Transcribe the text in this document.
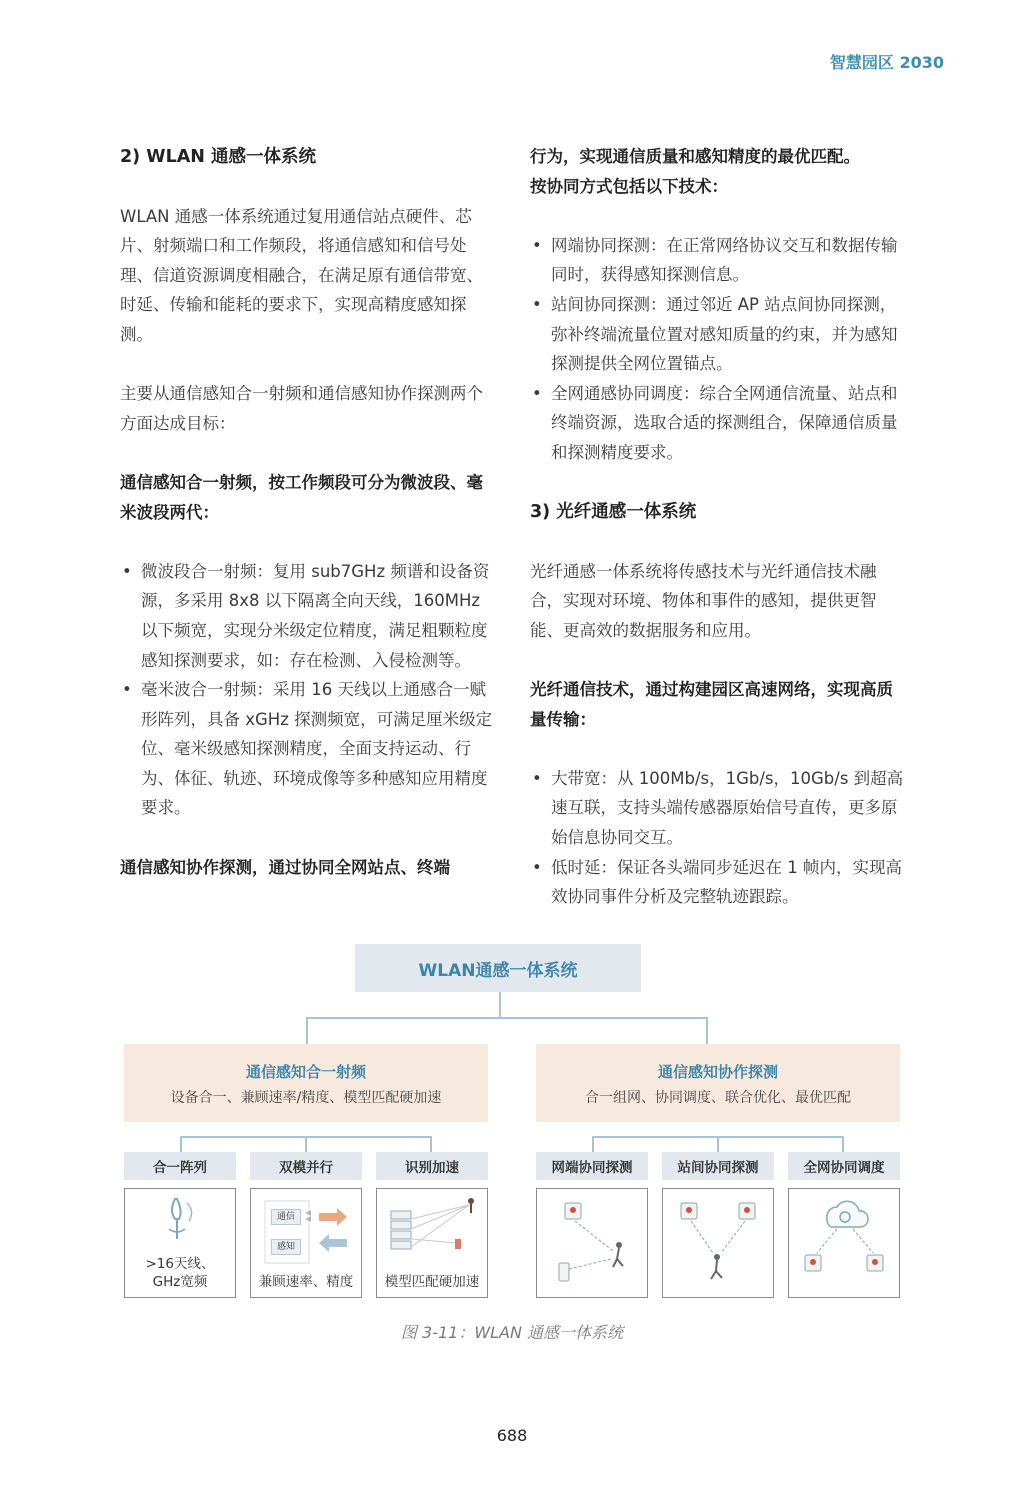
智慧园区 2030
2) WLAN 通感一体系统
WLAN 通感一体系统通过复用通信站点硬件、芯片、射频端口和工作频段，将通信感知和信号处理、信道资源调度相融合，在满足原有通信带宽、时延、传输和能耗的要求下，实现高精度感知探测。
主要从通信感知合一射频和通信感知协作探测两个方面达成目标：
通信感知合一射频，按工作频段可分为微波段、毫米波段两代：
• 微波段合一射频：复用 sub7GHz 频谱和设备资源，多采用 8x8 以下隔离全向天线，160MHz 以下频宽，实现分米级定位精度，满足粗颗粒度感知探测要求，如：存在检测、入侵检测等。
• 毫米波合一射频：采用 16 天线以上通感合一赋形阵列，具备 xGHz 探测频宽，可满足厘米级定位、毫米级感知探测精度，全面支持运动、行为、体征、轨迹、环境成像等多种感知应用精度要求。
通信感知协作探测，通过协同全网站点、终端
行为，实现通信质量和感知精度的最优匹配。
按协同方式包括以下技术：
• 网端协同探测：在正常网络协议交互和数据传输同时，获得感知探测信息。
• 站间协同探测：通过邻近 AP 站点间协同探测，弥补终端流量位置对感知质量的约束，并为感知探测提供全网位置锚点。
• 全网通感协同调度：综合全网通信流量、站点和终端资源，选取合适的探测组合，保障通信质量和探测精度要求。
3) 光纤通感一体系统
光纤通感一体系统将传感技术与光纤通信技术融合，实现对环境、物体和事件的感知，提供更智能、更高效的数据服务和应用。
光纤通信技术，通过构建园区高速网络，实现高质量传输：
• 大带宽：从 100Mb/s，1Gb/s，10Gb/s 到超高速互联，支持头端传感器原始信号直传，更多原始信息协同交互。
• 低时延：保证各头端同步延迟在 1 帧内，实现高效协同事件分析及完整轨迹跟踪。
WLAN通感一体系统
通信感知合一射频
设备合一、兼顾速率/精度、模型匹配硬加速
通信感知协作探测
合一组网、协同调度、联合优化、最优匹配
合一阵列
>16天线、
GHz宽频
双模并行
通信
感知
兼顾速率、精度
识别加速
模型匹配硬加速
网端协同探测	站间协同探测	全网协同调度
图 3-11：WLAN 通感一体系统
688
